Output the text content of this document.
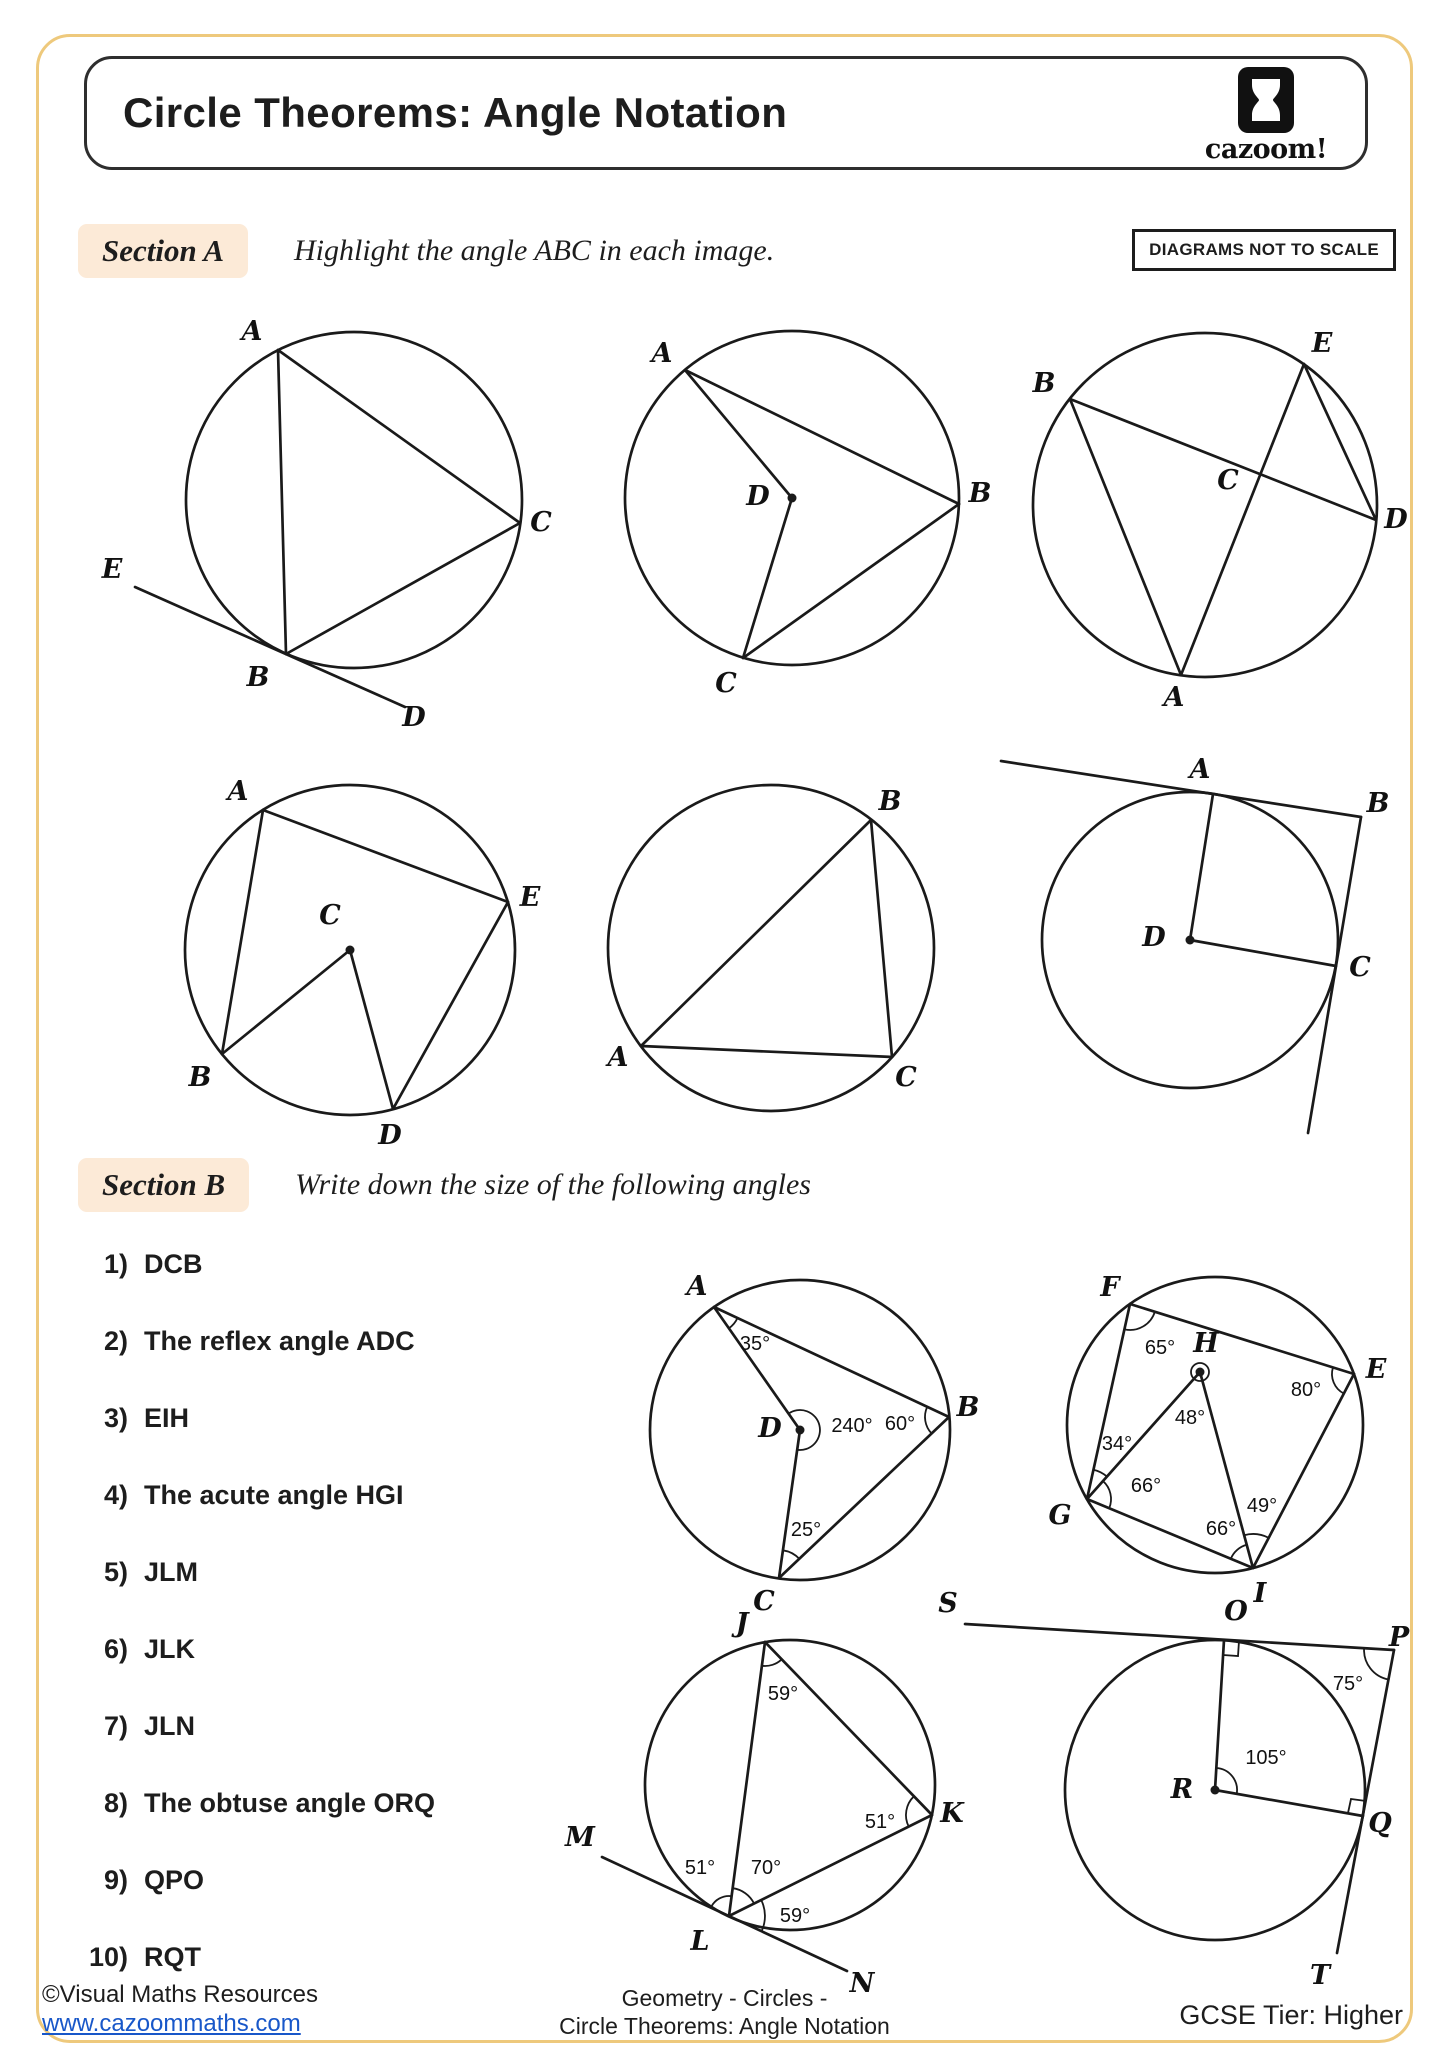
Circle Theorems: Angle Notation
cazoom!
Section A	Highlight the angle ABC in each image.	DIAGRAMS NOT TO SCALE
Section B	Write down the size of the following angles
1) DCB
2) The reflex angle ADC
3) EIH
4) The acute angle HGI
5) JLM
6) JLK
7) JLN
8) The obtuse angle ORQ
9) QPO
10) RQT
A
C
B
E
D
A
D	B
C
B
E
C
D
A
A
E
C
B
D
B
A
C
A
B
D
C
A
D
B
C
35°
240° 60°
25°
F
E
H
G
I
65°
80°
48°
34°
66°
49°
66°
J
K
L
M
N
59°
51°
51° 70°
59°
S	O
P
R
Q
T
75°
105°
©Visual Maths Resources
www.cazoommaths.com
Geometry - Circles -
Circle Theorems: Angle Notation	GCSE Tier: Higher
